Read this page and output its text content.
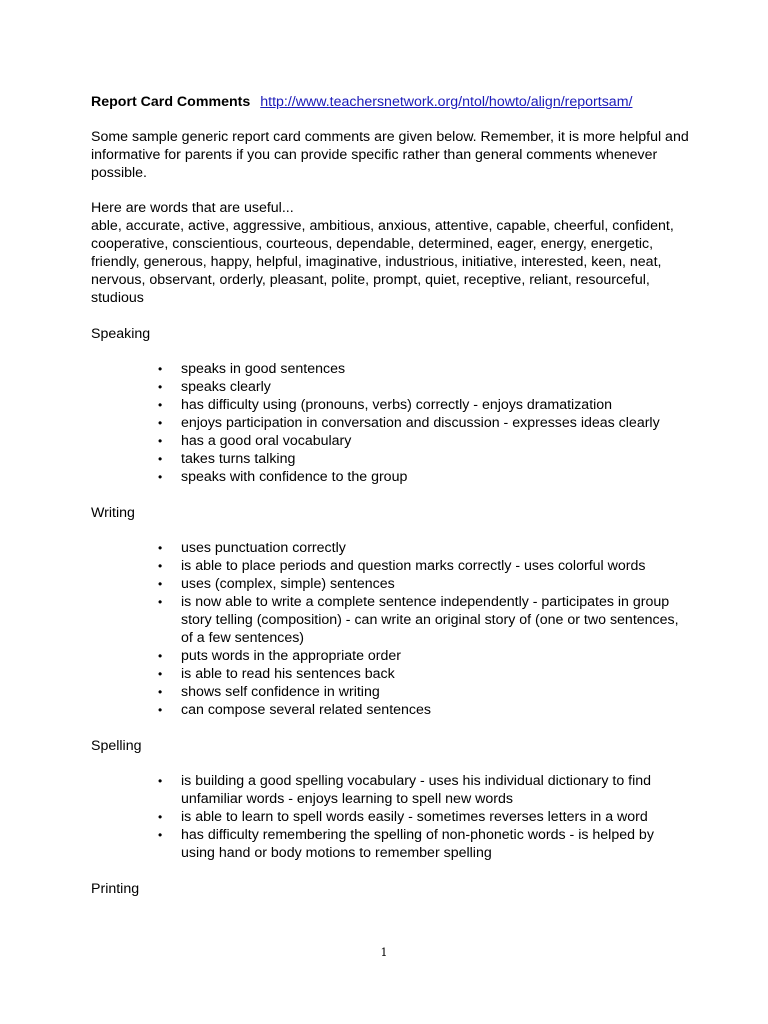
Report Card Comments http://www.teachersnetwork.org/ntol/howto/align/reportsam/

Some sample generic report card comments are given below. Remember, it is more helpful and informative for parents if you can provide specific rather than general comments whenever possible.

Here are words that are useful...

able, accurate, active, aggressive, ambitious, anxious, attentive, capable, cheerful, confident, cooperative, conscientious, courteous, dependable, determined, eager, energy, energetic, friendly, generous, happy, helpful, imaginative, industrious, initiative, interested, keen, neat, nervous, observant, orderly, pleasant, polite, prompt, quiet, receptive, reliant, resourceful, studious

Speaking

• speaks in good sentences
• speaks clearly
• has difficulty using (pronouns, verbs) correctly - enjoys dramatization
• enjoys participation in conversation and discussion - expresses ideas clearly
• has a good oral vocabulary
• takes turns talking
• speaks with confidence to the group

Writing

• uses punctuation correctly
• is able to place periods and question marks correctly - uses colorful words
• uses (complex, simple) sentences
• is now able to write a complete sentence independently - participates in group story telling (composition) - can write an original story of (one or two sentences, of a few sentences)
• puts words in the appropriate order
• is able to read his sentences back
• shows self confidence in writing
• can compose several related sentences

Spelling

• is building a good spelling vocabulary - uses his individual dictionary to find unfamiliar words - enjoys learning to spell new words
• is able to learn to spell words easily - sometimes reverses letters in a word
• has difficulty remembering the spelling of non-phonetic words - is helped by using hand or body motions to remember spelling

Printing

1
